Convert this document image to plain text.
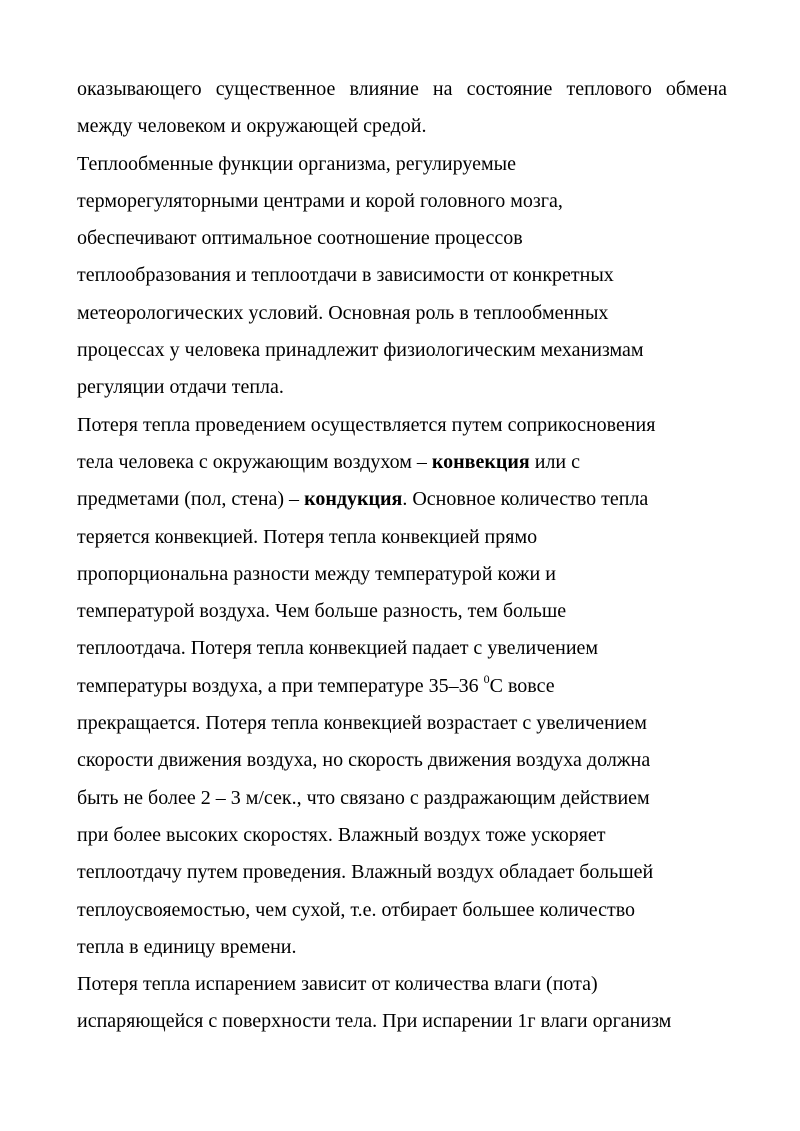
оказывающего существенное влияние на состояние теплового обмена
между человеком и окружающей средой.
Теплообменные функции организма, регулируемые
терморегуляторными центрами и корой головного мозга,
обеспечивают оптимальное соотношение процессов
теплообразования и теплоотдачи в зависимости от конкретных
метеорологических условий. Основная роль в теплообменных
процессах у человека принадлежит физиологическим механизмам
регуляции отдачи тепла.
Потеря тепла проведением осуществляется путем соприкосновения
тела человека с окружающим воздухом – конвекция или с
предметами (пол, стена) – кондукция. Основное количество тепла
теряется конвекцией. Потеря тепла конвекцией прямо
пропорциональна разности между температурой кожи и
температурой воздуха. Чем больше разность, тем больше
теплоотдача. Потеря тепла конвекцией падает с увеличением
температуры воздуха, а при температуре 35–36 $^0$С вовсе
прекращается. Потеря тепла конвекцией возрастает с увеличением
скорости движения воздуха, но скорость движения воздуха должна
быть не более 2 – 3 м/сек., что связано с раздражающим действием
при более высоких скоростях. Влажный воздух тоже ускоряет
теплоотдачу путем проведения. Влажный воздух обладает большей
теплоусвояемостью, чем сухой, т.е. отбирает большее количество
тепла в единицу времени.
Потеря тепла испарением зависит от количества влаги (пота)
испаряющейся с поверхности тела. При испарении 1г влаги организм
